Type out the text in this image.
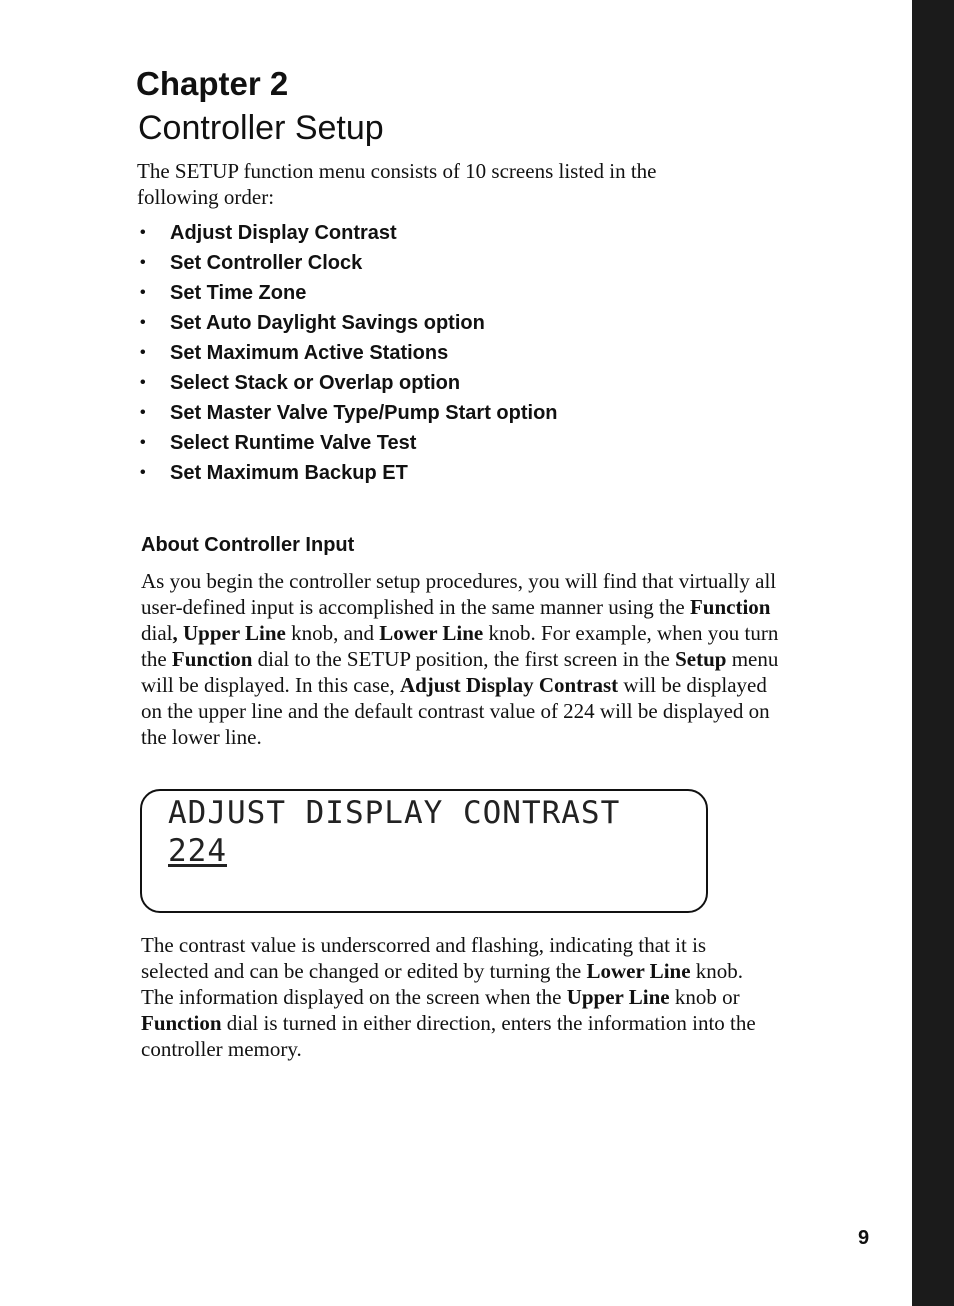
Chapter 2
Controller Setup
The SETUP function menu consists of 10 screens listed in the following order:
• Adjust Display Contrast
• Set Controller Clock
• Set Time Zone
• Set Auto Daylight Savings option
• Set Maximum Active Stations
• Select Stack or Overlap option
• Set Master Valve Type/Pump Start option
• Select Runtime Valve Test
• Set Maximum Backup ET
About Controller Input
As you begin the controller setup procedures, you will find that virtually all user-defined input is accomplished in the same manner using the Function dial, Upper Line knob, and Lower Line knob. For example, when you turn the Function dial to the SETUP position, the first screen in the Setup menu will be displayed. In this case, Adjust Display Contrast will be displayed on the upper line and the default contrast value of 224 will be displayed on the lower line.
ADJUST DISPLAY CONTRAST
224
The contrast value is underscorred and flashing, indicating that it is selected and can be changed or edited by turning the Lower Line knob. The information displayed on the screen when the Upper Line knob or Function dial is turned in either direction, enters the information into the controller memory.
9
